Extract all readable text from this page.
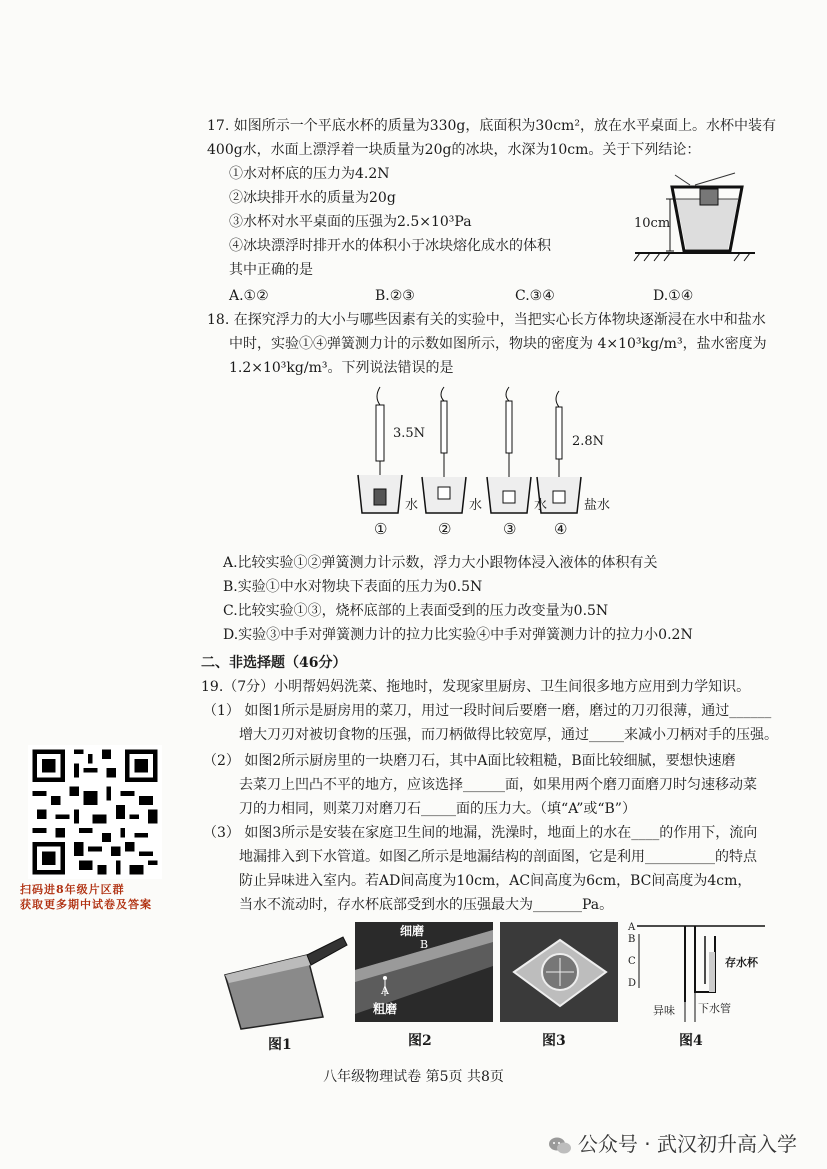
17. 如图所示一个平底水杯的质量为330g，底面积为30cm²，放在水平桌面上。水杯中装有
400g水，水面上漂浮着一块质量为20g的冰块，水深为10cm。关于下列结论：
①水对杯底的压力为4.2N
②冰块排开水的质量为20g
③水杯对水平桌面的压强为2.5×10³Pa
④冰块漂浮时排开水的体积小于冰块熔化成水的体积
其中正确的是
A.①②	B.②③	C.③④	D.①④
10cm
18. 在探究浮力的大小与哪些因素有关的实验中，当把实心长方体物块逐渐浸在水中和盐水
中时，实验①④弹簧测力计的示数如图所示，物块的密度为 4×10³kg/m³，盐水密度为
1.2×10³kg/m³。下列说法错误的是
3.5N
2.8N
水	水	水	盐水
①	②	③	④
A.比较实验①②弹簧测力计示数，浮力大小跟物体浸入液体的体积有关
B.实验①中水对物块下表面的压力为0.5N
C.比较实验①③，烧杯底部的上表面受到的压力改变量为0.5N
D.实验③中手对弹簧测力计的拉力比实验④中手对弹簧测力计的拉力小0.2N
二、非选择题（46分）
19.（7分）小明帮妈妈洗菜、拖地时，发现家里厨房、卫生间很多地方应用到力学知识。
（1） 如图1所示是厨房用的菜刀，用过一段时间后要磨一磨，磨过的刀刃很薄，通过______
增大刀刃对被切食物的压强，而刀柄做得比较宽厚，通过_____来减小刀柄对手的压强。
（2） 如图2所示厨房里的一块磨刀石，其中A面比较粗糙，B面比较细腻，要想快速磨
去菜刀上凹凸不平的地方，应该选择______面，如果用两个磨刀面磨刀时匀速移动菜
刀的力相同，则菜刀对磨刀石_____面的压力大。（填“A”或“B”）
（3） 如图3所示是安装在家庭卫生间的地漏，洗澡时，地面上的水在____的作用下，流向
地漏排入到下水管道。如图乙所示是地漏结构的剖面图，它是利用__________的特点
防止异味进入室内。若AD间高度为10cm，AC间高度为6cm，BC间高度为4cm，
当水不流动时，存水杯底部受到水的压强最大为_______Pa。
细磨
B
A
粗磨
A
B
C
D
存水杯
异味 下水管
图1	图2	图3	图4
扫码进8年级片区群
获取更多期中试卷及答案
八年级物理试卷 第5页 共8页
公众号 · 武汉初升高入学
